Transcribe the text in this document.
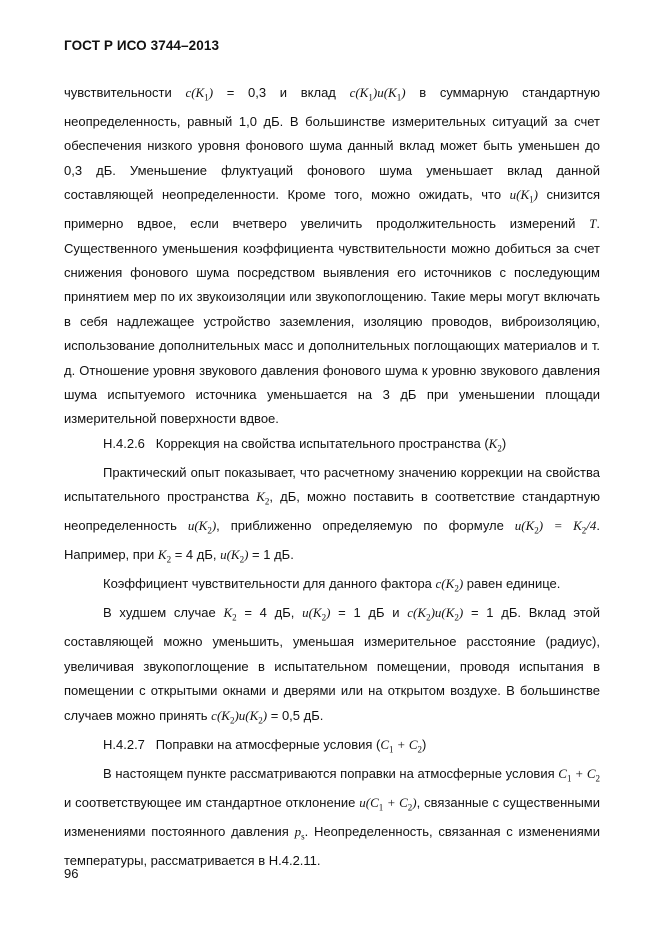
ГОСТ Р ИСО 3744–2013

чувствительности $c(K_1) = 0,3$ и вклад $c(K_1)u(K_1)$ в суммарную стандартную неопределенность, равный 1,0 дБ. В большинстве измерительных ситуаций за счет обеспечения низкого уровня фонового шума данный вклад может быть уменьшен до 0,3 дБ. Уменьшение флуктуаций фонового шума уменьшает вклад данной составляющей неопределенности. Кроме того, можно ожидать, что $u(K_1)$ снизится примерно вдвое, если вчетверо увеличить продолжительность измерений T. Существенного уменьшения коэффициента чувствительности можно добиться за счет снижения фонового шума посредством выявления его источников с последующим принятием мер по их звукоизоляции или звукопоглощению. Такие меры могут включать в себя надлежащее устройство заземления, изоляцию проводов, виброизоляцию, использование дополнительных масс и дополнительных поглощающих материалов и т. д. Отношение уровня звукового давления фонового шума к уровню звукового давления шума испытуемого источника уменьшается на 3 дБ при уменьшении площади измерительной поверхности вдвое.

Н.4.2.6   Коррекция на свойства испытательного пространства $(K_2)$

Практический опыт показывает, что расчетному значению коррекции на свойства испытательного пространства $K_2$, дБ, можно поставить в соответствие стандартную неопределенность $u(K_2)$, приближенно определяемую по формуле $u(K_2) = K_2/4$. Например, при $K_2 = 4$ дБ, $u(K_2) = 1$ дБ.

Коэффициент чувствительности для данного фактора $c(K_2)$ равен единице.

В худшем случае $K_2 = 4$ дБ, $u(K_2) = 1$ дБ и $c(K_2)u(K_2) = 1$ дБ. Вклад этой составляющей можно уменьшить, уменьшая измерительное расстояние (радиус), увеличивая звукопоглощение в испытательном помещении, проводя испытания в помещении с открытыми окнами и дверями или на открытом воздухе. В большинстве случаев можно принять $c(K_2)u(K_2) = 0,5$ дБ.

Н.4.2.7   Поправки на атмосферные условия $(C_1 + C_2)$

В настоящем пункте рассматриваются поправки на атмосферные условия $C_1 + C_2$ и соответствующее им стандартное отклонение $u(C_1 + C_2)$, связанные с существенными изменениями постоянного давления $p_s$. Неопределенность, связанная с изменениями температуры, рассматривается в Н.4.2.11.

96
